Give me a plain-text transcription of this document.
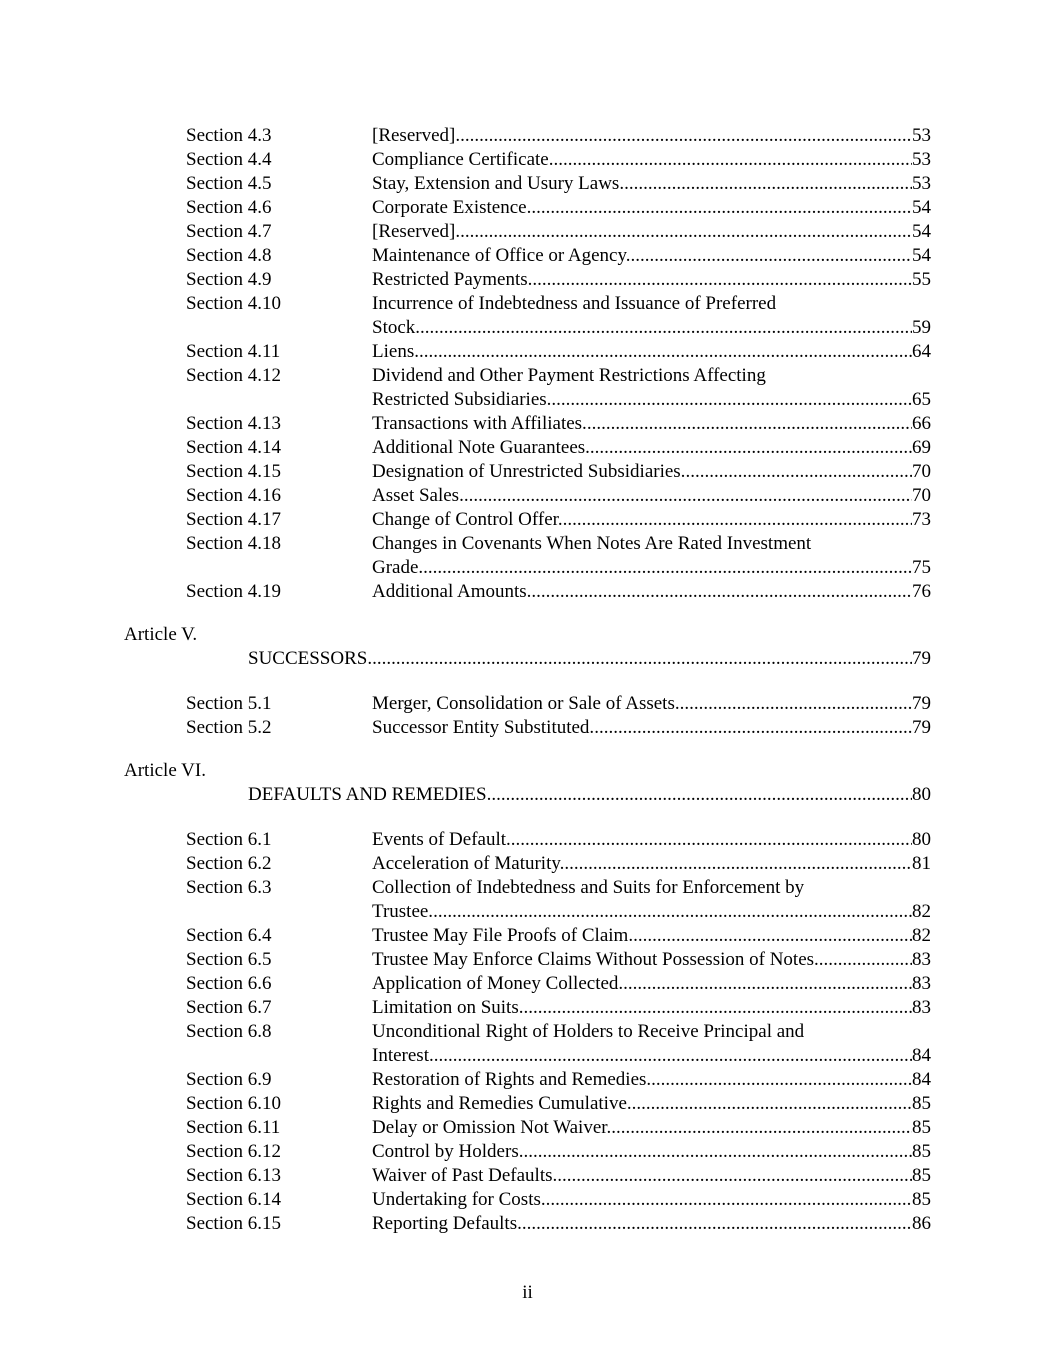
Section 4.3	[Reserved]. .....	53
Section 4.4	Compliance Certificate .....	53
Section 4.5	Stay, Extension and Usury Laws. .....	53
Section 4.6	Corporate Existence. .....	54
Section 4.7	[Reserved]. .....	54
Section 4.8	Maintenance of Office or Agency. .....	54
Section 4.9	Restricted Payments. .....	55
Section 4.10	Incurrence of Indebtedness and Issuance of Preferred
Stock. .....	59
Section 4.11	Liens. .....	64
Section 4.12	Dividend and Other Payment Restrictions Affecting
Restricted Subsidiaries. .....	65
Section 4.13	Transactions with Affiliates. .....	66
Section 4.14	Additional Note Guarantees. .....	69
Section 4.15	Designation of Unrestricted Subsidiaries. .....	70
Section 4.16	Asset Sales. .....	70
Section 4.17	Change of Control Offer. .....	73
Section 4.18	Changes in Covenants When Notes Are Rated Investment
Grade. .....	75
Section 4.19	Additional Amounts. .....	76
Article V.
SUCCESSORS .....	79
Section 5.1	Merger, Consolidation or Sale of Assets. .....	79
Section 5.2	Successor Entity Substituted. .....	79
Article VI.
DEFAULTS AND REMEDIES .....	80
Section 6.1	Events of Default. .....	80
Section 6.2	Acceleration of Maturity. .....	81
Section 6.3	Collection of Indebtedness and Suits for Enforcement by
Trustee. .....	82
Section 6.4	Trustee May File Proofs of Claim. .....	82
Section 6.5	Trustee May Enforce Claims Without Possession of Notes. .....	83
Section 6.6	Application of Money Collected. .....	83
Section 6.7	Limitation on Suits. .....	83
Section 6.8	Unconditional Right of Holders to Receive Principal and
Interest. .....	84
Section 6.9	Restoration of Rights and Remedies. .....	84
Section 6.10	Rights and Remedies Cumulative. .....	85
Section 6.11	Delay or Omission Not Waiver. .....	85
Section 6.12	Control by Holders. .....	85
Section 6.13	Waiver of Past Defaults. .....	85
Section 6.14	Undertaking for Costs. .....	85
Section 6.15	Reporting Defaults. .....	86
ii
